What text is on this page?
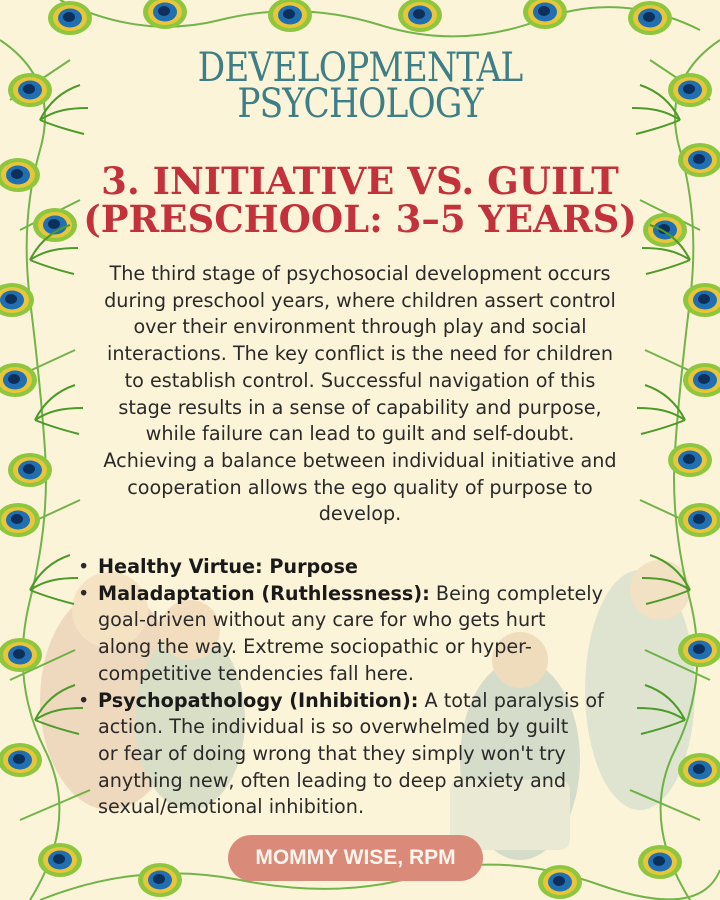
DEVELOPMENTAL
PSYCHOLOGY
3. INITIATIVE VS. GUILT
(PRESCHOOL: 3–5 YEARS)
The third stage of psychosocial development occurs
during preschool years, where children assert control
over their environment through play and social
interactions. The key conflict is the need for children
to establish control. Successful navigation of this
stage results in a sense of capability and purpose,
while failure can lead to guilt and self-doubt.
Achieving a balance between individual initiative and
cooperation allows the ego quality of purpose to
develop.
• Healthy Virtue: Purpose
• Maladaptation (Ruthlessness): Being completely
goal-driven without any care for who gets hurt
along the way. Extreme sociopathic or hyper-
competitive tendencies fall here.
• Psychopathology (Inhibition): A total paralysis of
action. The individual is so overwhelmed by guilt
or fear of doing wrong that they simply won't try
anything new, often leading to deep anxiety and
sexual/emotional inhibition.
MOMMY WISE, RPM
